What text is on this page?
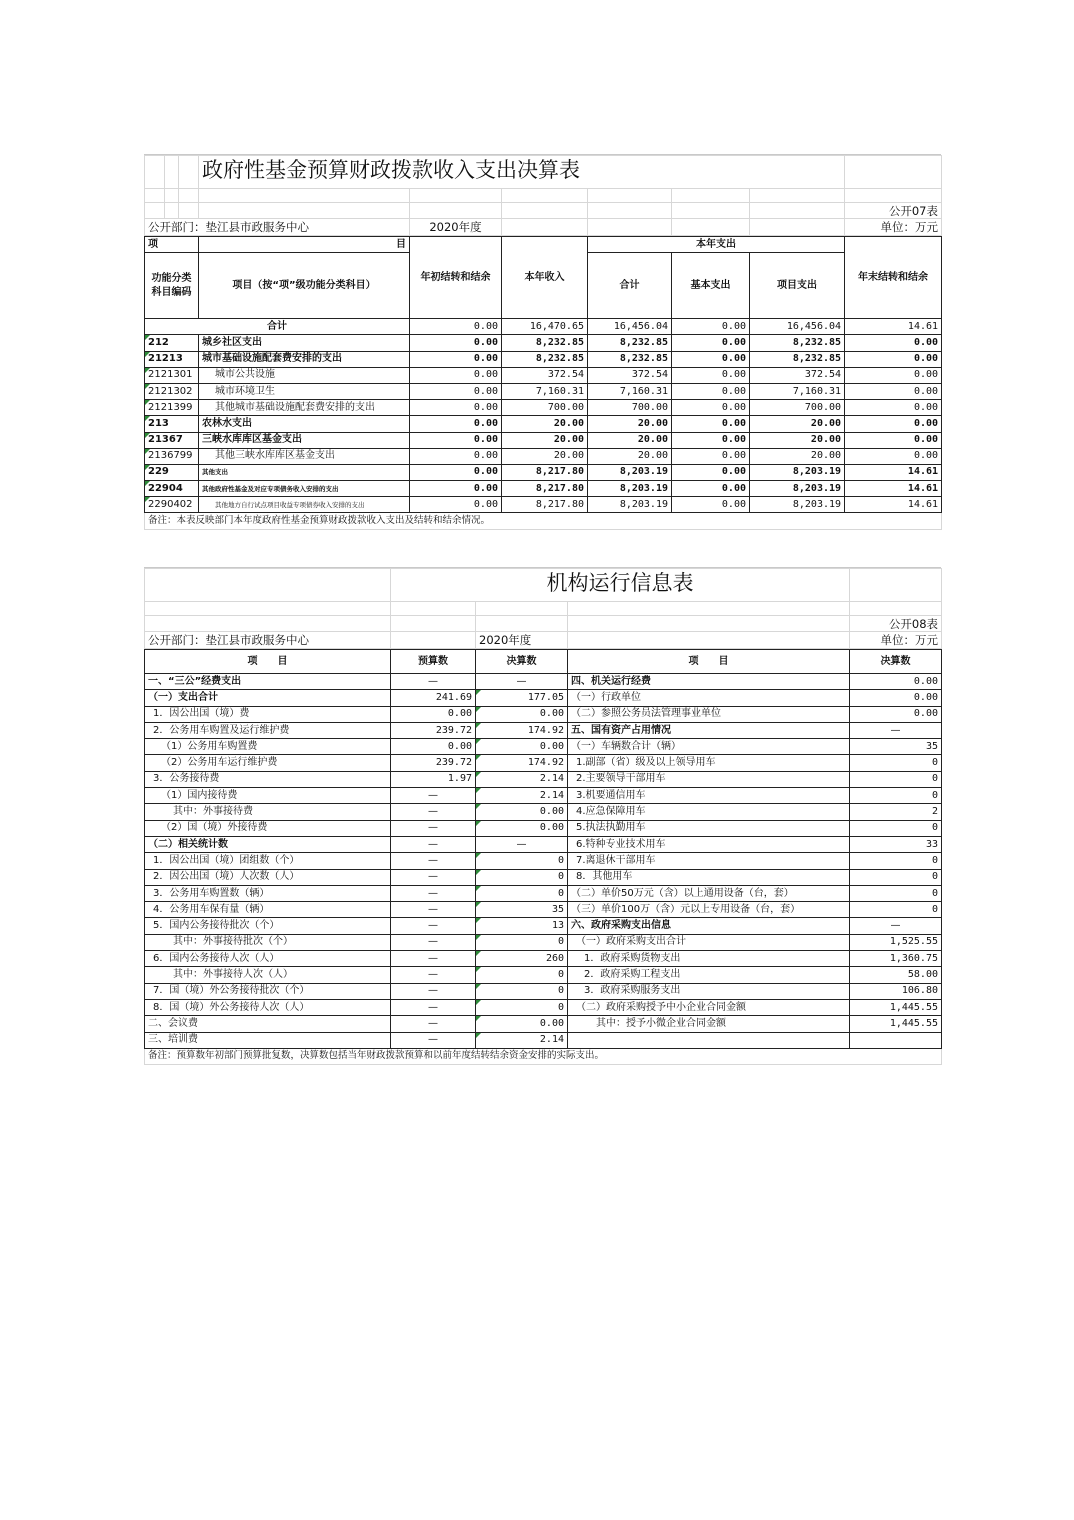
			政府性基金预算财政拨款收入支出决算表						

									公开07表
公开部门：垫江县市政服务中心				2020年度					单位：万元
项	目	年初结转和结余	本年收入	本年支出			年末结转和结余
功能分类科目编码	项目（按“项”级功能分类科目）			合计	基本支出	项目支出	

合计		0.00	16,470.65	16,456.04	0.00	16,456.04	14.61
212	城乡社区支出	0.00	8,232.85	8,232.85	0.00	8,232.85	0.00
21213	城市基础设施配套费安排的支出	0.00	8,232.85	8,232.85	0.00	8,232.85	0.00
2121301	城市公共设施	0.00	372.54	372.54	0.00	372.54	0.00
2121302	城市环境卫生	0.00	7,160.31	7,160.31	0.00	7,160.31	0.00
2121399	其他城市基础设施配套费安排的支出	0.00	700.00	700.00	0.00	700.00	0.00
213	农林水支出	0.00	20.00	20.00	0.00	20.00	0.00
21367	三峡水库库区基金支出	0.00	20.00	20.00	0.00	20.00	0.00
2136799	其他三峡水库库区基金支出	0.00	20.00	20.00	0.00	20.00	0.00
229	其他支出	0.00	8,217.80	8,203.19	0.00	8,203.19	14.61
22904	其他政府性基金及对应专项债务收入安排的支出	0.00	8,217.80	8,203.19	0.00	8,203.19	14.61
2290402	其他地方自行试点项目收益专项债券收入安排的支出	0.00	8,217.80	8,203.19	0.00	8,203.19	14.61
备注：本表反映部门本年度政府性基金预算财政拨款收入支出及结转和结余情况。							
	机构运行信息表			

				公开08表
公开部门：垫江县市政服务中心		2020年度		单位：万元
项　　目	预算数	决算数	项　　目	决算数
一、“三公”经费支出	—	—	四、机关运行经费	0.00
（一）支出合计	241.69	177.05	（一）行政单位	0.00
1．因公出国（境）费	0.00	0.00	（二）参照公务员法管理事业单位	0.00
2．公务用车购置及运行维护费	239.72	174.92	五、国有资产占用情况	—
（1）公务用车购置费	0.00	0.00	（一）车辆数合计（辆）	35
（2）公务用车运行维护费	239.72	174.92	1.副部（省）级及以上领导用车	0
3．公务接待费	1.97	2.14	2.主要领导干部用车	0
（1）国内接待费	—	2.14	3.机要通信用车	0
其中：外事接待费	—	0.00	4.应急保障用车	2
（2）国（境）外接待费	—	0.00	5.执法执勤用车	0
（二）相关统计数	—	—	6.特种专业技术用车	33
1．因公出国（境）团组数（个）	—	0	7.离退休干部用车	0
2．因公出国（境）人次数（人）	—	0	8．其他用车	0
3．公务用车购置数（辆）	—	0	（二）单价50万元（含）以上通用设备（台，套）	0
4．公务用车保有量（辆）	—	35	（三）单价100万（含）元以上专用设备（台，套）	0
5．国内公务接待批次（个）	—	13	六、政府采购支出信息	—
其中：外事接待批次（个）	—	0	（一）政府采购支出合计	1,525.55
6．国内公务接待人次（人）	—	260	1．政府采购货物支出	1,360.75
其中：外事接待人次（人）	—	0	2．政府采购工程支出	58.00
7．国（境）外公务接待批次（个）	—	0	3．政府采购服务支出	106.80
8．国（境）外公务接待人次（人）	—	0	（二）政府采购授予中小企业合同金额	1,445.55
二、会议费	—	0.00	其中：授予小微企业合同金额	1,445.55
三、培训费	—	2.14		
备注：预算数年初部门预算批复数，决算数包括当年财政拨款预算和以前年度结转结余资金安排的实际支出。				
